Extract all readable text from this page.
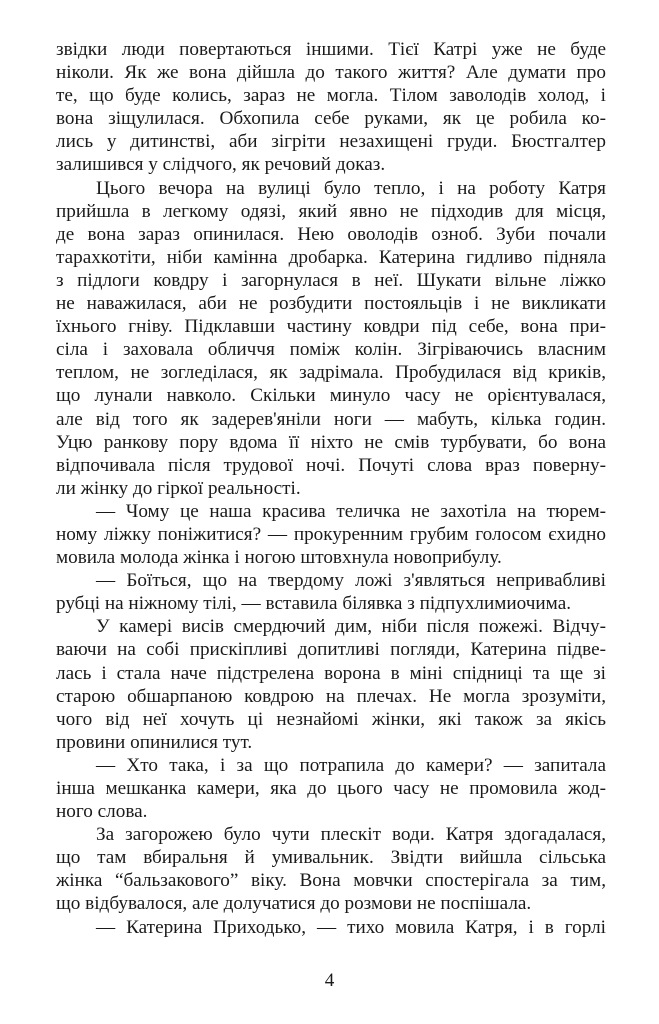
звідки люди повертаються іншими. Тієї Катрі уже не буде
ніколи. Як же вона дійшла до такого життя? Але думати про
те, що буде колись, зараз не могла. Тілом заволодів холод, і
вона зіщулилася. Обхопила себе руками, як це робила ко-
лись у дитинстві, аби зігріти незахищені груди. Бюстгалтер
залишився у слідчого, як речовий доказ.
Цього вечора на вулиці було тепло, і на роботу Катря
прийшла в легкому одязі, який явно не підходив для місця,
де вона зараз опинилася. Нею оволодів озноб. Зуби почали
тарахкотіти, ніби камінна дробарка. Катерина гидливо підняла
з підлоги ковдру і загорнулася в неї. Шукати вільне ліжко
не наважилася, аби не розбудити постояльців і не викликати
їхнього гніву. Підклавши частину ковдри під себе, вона при-
сіла і заховала обличчя поміж колін. Зігріваючись власним
теплом, не зогледілася, як задрімала. Пробудилася від криків,
що лунали навколо. Скільки минуло часу не орієнтувалася,
але від того як задерев'яніли ноги — мабуть, кілька годин.
Уцю ранкову пору вдома її ніхто не смів турбувати, бо вона
відпочивала після трудової ночі. Почуті слова враз поверну-
ли жінку до гіркої реальності.
— Чому це наша красива теличка не захотіла на тюрем-
ному ліжку поніжитися? — прокуренним грубим голосом єхидно
мовила молода жінка і ногою штовхнула новоприбулу.
— Боїться, що на твердому ложі з'являться непривабливі
рубці на ніжному тілі, — вставила білявка з підпухлимиочима.
У камері висів смердючий дим, ніби після пожежі. Відчу-
ваючи на собі прискіпливі допитливі погляди, Катерина підве-
лась і стала наче підстрелена ворона в міні спідниці та ще зі
старою обшарпаною ковдрою на плечах. Не могла зрозуміти,
чого від неї хочуть ці незнайомі жінки, які також за якісь
провини опинилися тут.
— Хто така, і за що потрапила до камери? — запитала
інша мешканка камери, яка до цього часу не промовила жод-
ного слова.
За загорожею було чути плескіт води. Катря здогадалася,
що там вбиральня й умивальник. Звідти вийшла сільська
жінка “бальзакового” віку. Вона мовчки спостерігала за тим,
що відбувалося, але долучатися до розмови не поспішала.
— Катерина Приходько, — тихо мовила Катря, і в горлі
4
